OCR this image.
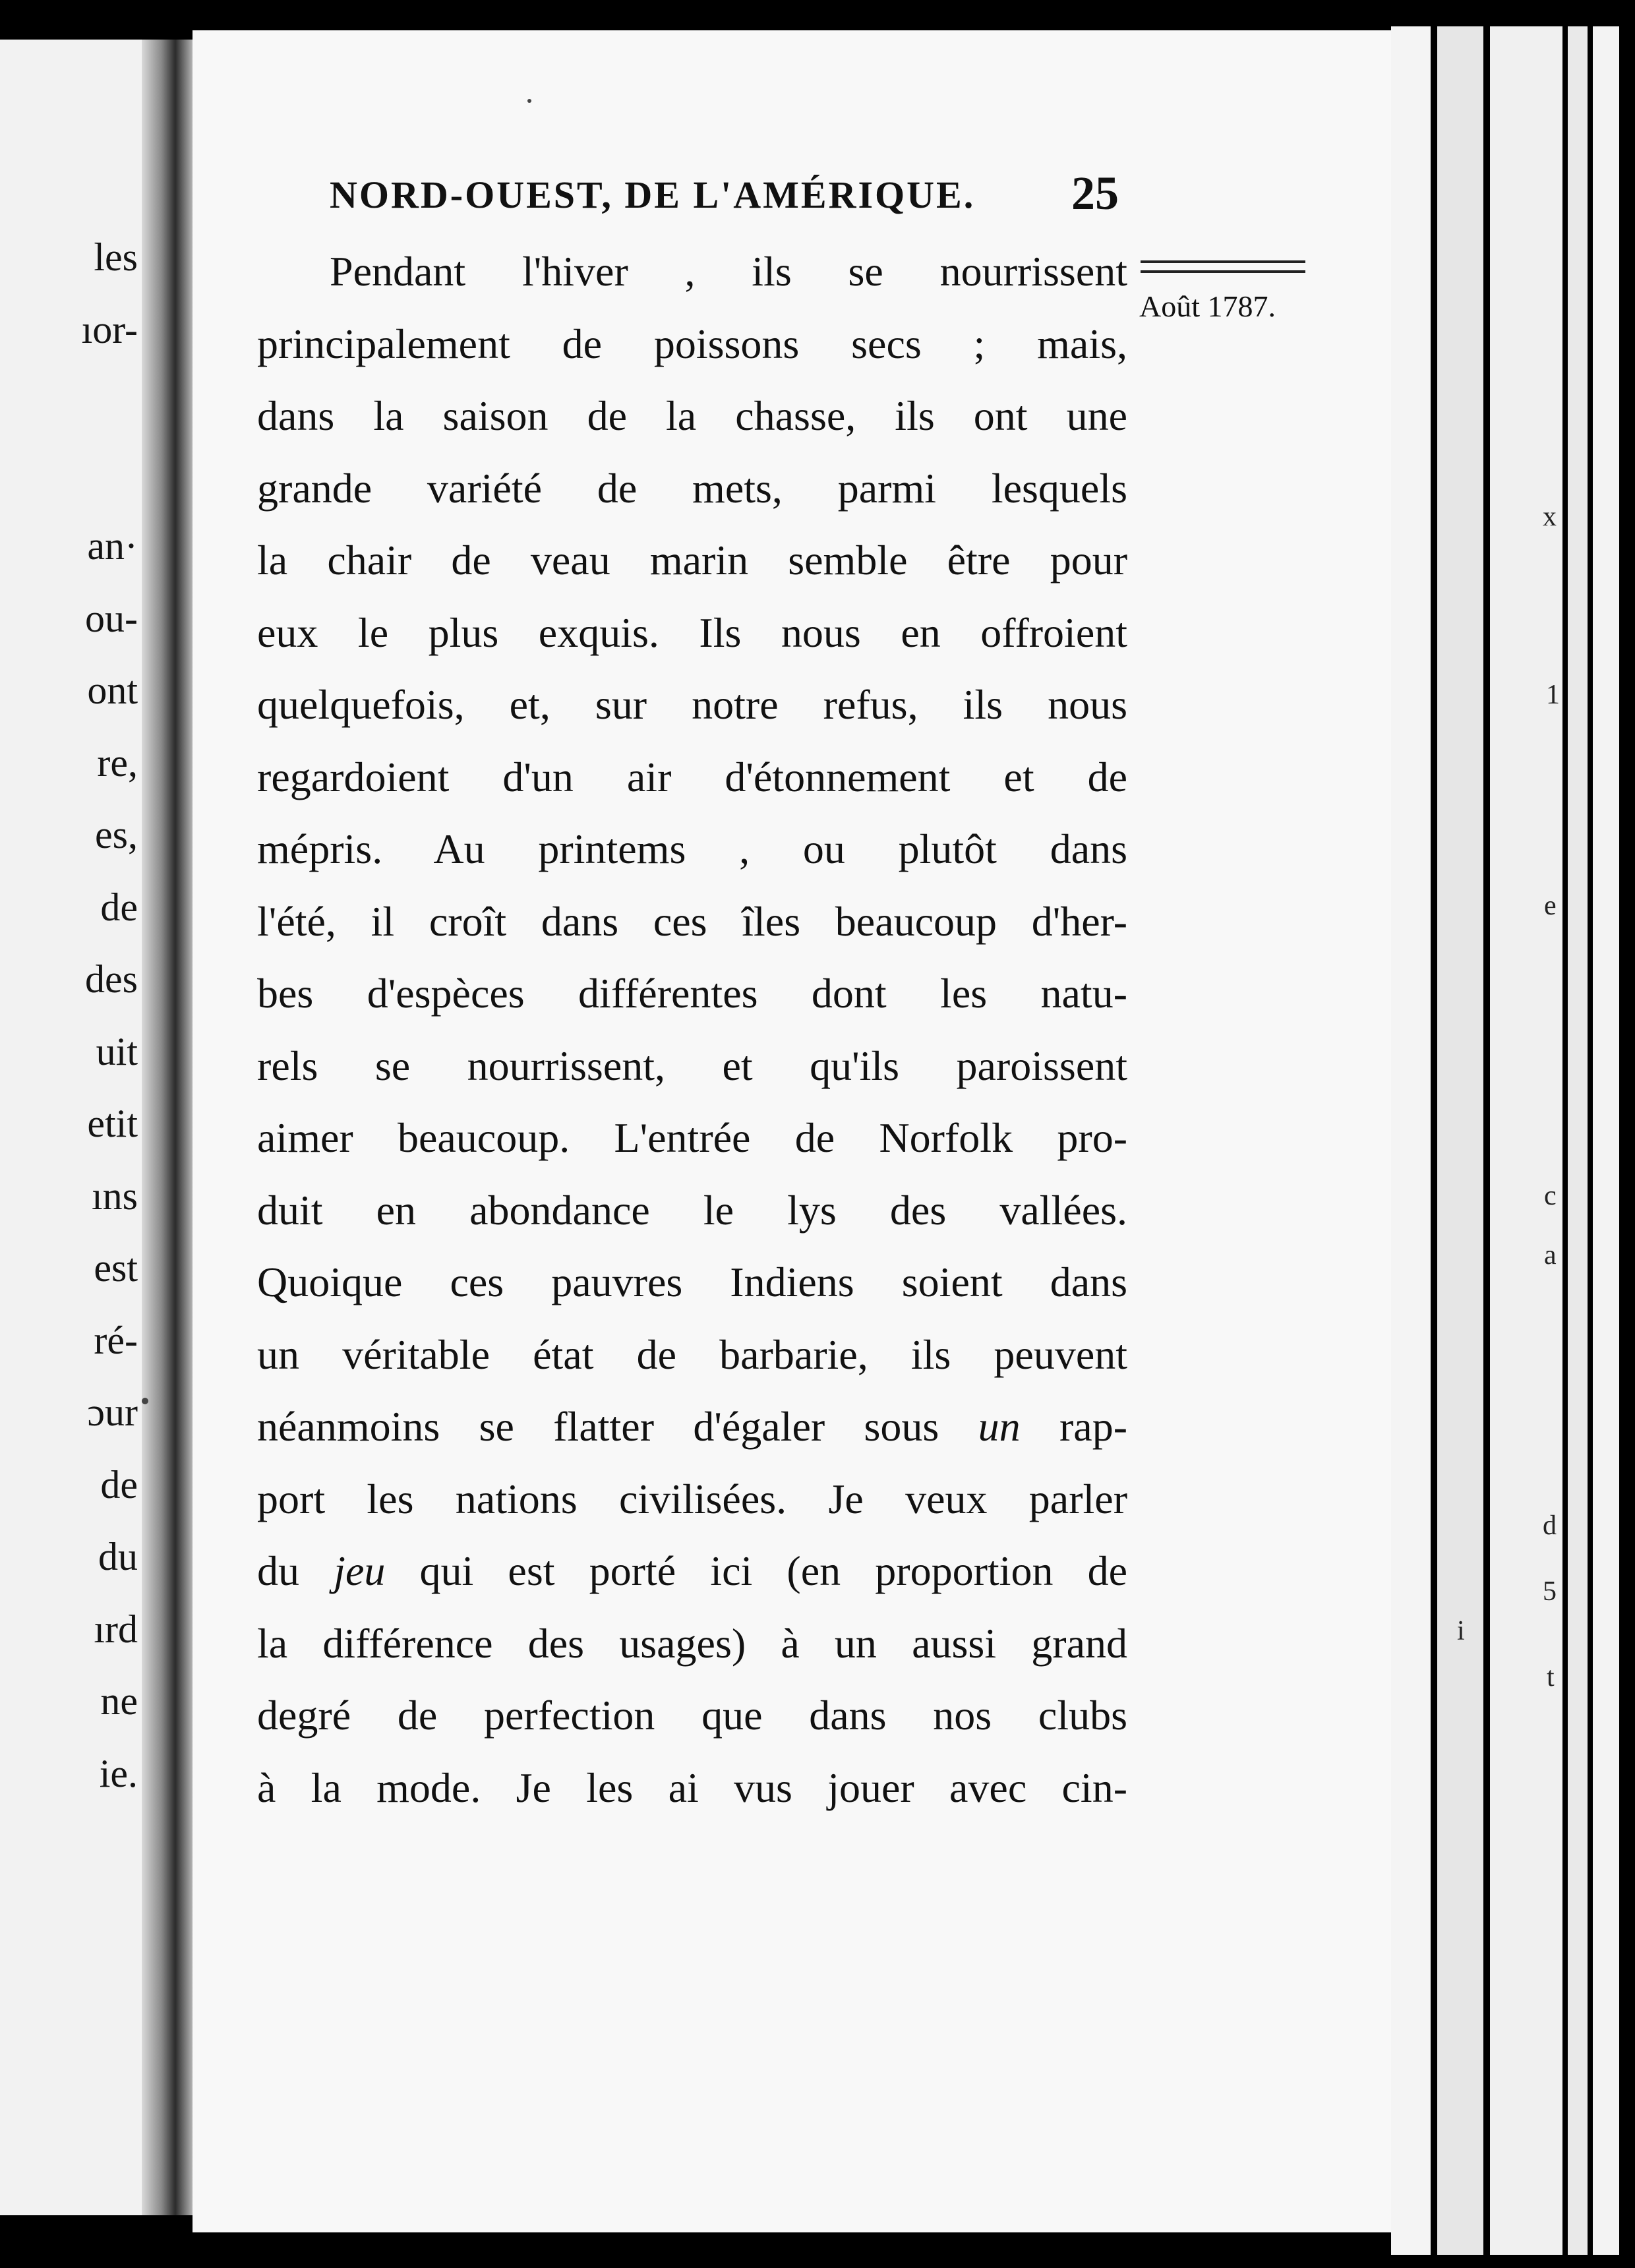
les

ıor-

an·

ou-

ont

re,

es,

de

des

uit

etit

ıns

est

ré-

ɔur

de

du

ırd

ne

ie.

NORD-OUEST, DE L'AMÉRIQUE.	25

Août 1787.

Pendant l'hiver , ils se nourrissent

principalement de poissons secs ; mais,

dans la saison de la chasse, ils ont une

grande variété de mets, parmi lesquels

la chair de veau marin semble être pour

eux le plus exquis. Ils nous en offroient

quelquefois, et, sur notre refus, ils nous

regardoient d'un air d'étonnement et de

mépris. Au printems , ou plutôt dans

l'été, il croît dans ces îles beaucoup d'her-

bes d'espèces différentes dont les natu-

rels se nourrissent, et qu'ils paroissent

aimer beaucoup. L'entrée de Norfolk pro-

duit en abondance le lys des vallées.

Quoique ces pauvres Indiens soient dans

un véritable état de barbarie, ils peuvent

néanmoins se flatter d'égaler sous un rap-

port les nations civilisées. Je veux parler

du jeu qui est porté ici (en proportion de

la différence des usages) à un aussi grand

degré de perfection que dans nos clubs

à la mode. Je les ai vus jouer avec cin-

x
1
c
a
e
i
d
5
t
